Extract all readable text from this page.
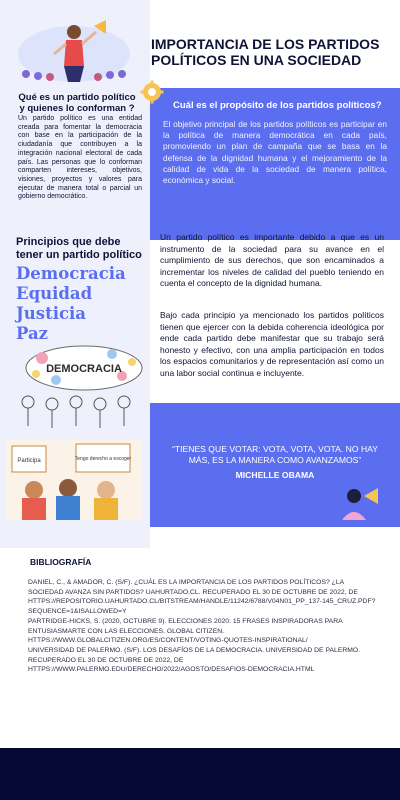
IMPORTANCIA DE LOS PARTIDOS POLÍTICOS EN UNA SOCIEDAD
Qué es un partido político y quienes lo conforman ?

Un partido político es una entidad creada para fomentar la democracia con base en la participación de la ciudadanía que contribuyen a la integración nacional electoral de cada país. Las personas que lo conforman comparten intereses, objetivos, visiones, proyectos y valores para ejecutar de manera total o parcial un gobierno democrático.

Cuál es el propósito de los partidos políticos?

El objetivo principal de los partidos políticos es participar en la política de manera democrática en cada país, promoviendo un plan de campaña que se basa en la defensa de la dignidad humana y el mejoramiento de la calidad de vida de la sociedad de manera política, económica y social.

Principios que debe tener un partido político
Democracia
Equidad
Justicia
Paz

Un partido político es importante debido a que es un instrumento de la sociedad para su avance en el cumplimiento de sus derechos, que son encaminados a incrementar los niveles de calidad del pueblo teniendo en cuenta el concepto de la dignidad humana.

Bajo cada principio ya mencionado los partidos políticos tienen que ejercer con la debida coherencia ideológica por ende cada partido debe manifestar que su trabajo será honesto y efectivo, con una amplia participación en todos los espacios comunitarios y de representación así como un una labor social continua e incluyente.

DEMOCRACIA
Participa	Tengo derecho a escoger
“TIENES QUE VOTAR: VOTA, VOTA, VOTA. NO HAY MÁS, ES LA MANERA COMO AVANZAMOS”
MICHELLE OBAMA
BIBLIOGRAFÍA

DANIEL, C., & AMADOR, C. (S/F). ¿CUÁL ES LA IMPORTANCIA DE LOS PARTIDOS POLÍTICOS? ¿LA SOCIEDAD AVANZA SIN PARTIDOS? UAHURTADO.CL. RECUPERADO EL 30 DE OCTUBRE DE 2022, DE HTTPS://REPOSITORIO.UAHURTADO.CL/BITSTREAM/HANDLE/11242/6788/V04N01_PP_137-145_CRUZ.PDF?SEQUENCE=1&ISALLOWED=Y

PARTRIDGE-HICKS, S. (2020, OCTUBRE 9). ELECCIONES 2020: 15 FRASES INSPIRADORAS PARA ENTUSIASMARTE CON LAS ELECCIONES. GLOBAL CITIZEN. HTTPS://WWW.GLOBALCITIZEN.ORG/ES/CONTENT/VOTING-QUOTES-INSPIRATIONAL/

UNIVERSIDAD DE PALERMO. (S/F). LOS DESAFÍOS DE LA DEMOCRACIA. UNIVERSIDAD DE PALERMO. RECUPERADO EL 30 DE OCTUBRE DE 2022, DE HTTPS://WWW.PALERMO.EDU/DERECHO/2022/AGOSTO/DESAFIOS-DEMOCRACIA.HTML
